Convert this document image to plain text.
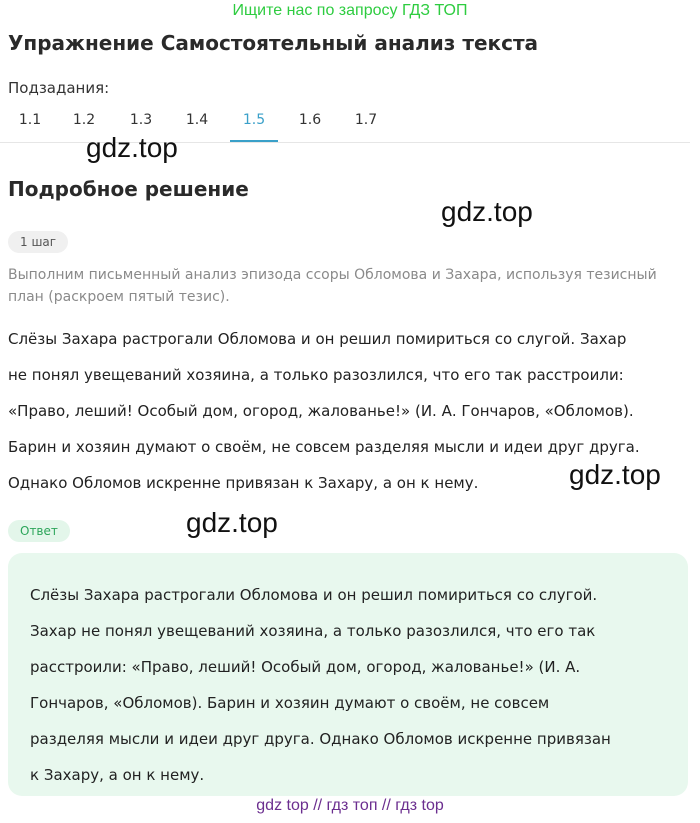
Ищите нас по запросу ГДЗ ТОП
Упражнение Самостоятельный анализ текста
Подзадания:
1.1	1.2	1.3	1.4	1.5	1.6	1.7
gdz.top
gdz.top
Подробное решение
1 шаг
Выполним письменный анализ эпизода ссоры Обломова и Захара, используя тезисный план (раскроем пятый тезис).
Слёзы Захара растрогали Обломова и он решил помириться со слугой. Захар
не понял увещеваний хозяина, а только разозлился, что его так расстроили:
«Право, леший! Особый дом, огород, жалованье!» (И. А. Гончаров, «Обломов).
Барин и хозяин думают о своём, не совсем разделяя мысли и идеи друг друга.
Однако Обломов искренне привязан к Захару, а он к нему.	gdz.top
gdz.top
Ответ
Слёзы Захара растрогали Обломова и он решил помириться со слугой.
Захар не понял увещеваний хозяина, а только разозлился, что его так
расстроили: «Право, леший! Особый дом, огород, жалованье!» (И. А.
Гончаров, «Обломов). Барин и хозяин думают о своём, не совсем
разделяя мысли и идеи друг друга. Однако Обломов искренне привязан
к Захару, а он к нему.
gdz top // гдз топ // гдз top
